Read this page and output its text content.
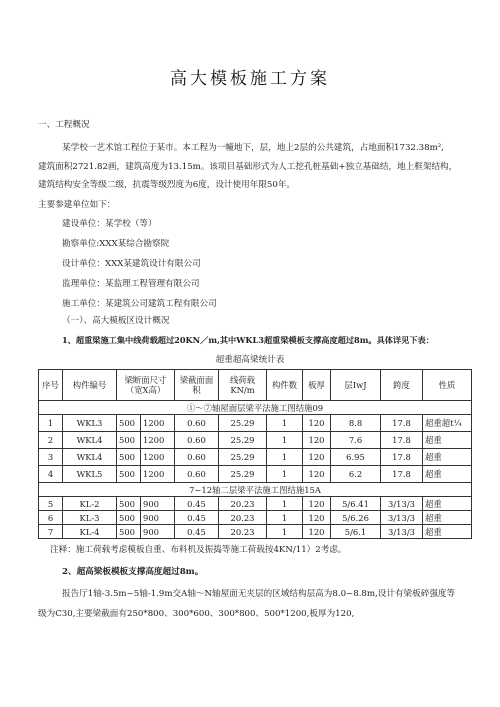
高大模板施工方案
一、工程概况
某学校一艺术馆工程位于某市。本工程为一幢地下，层，地上2层的公共建筑，占地面积1732.38m²,
建筑面积2721.82画，建筑高度为13.15m。该项目基础形式为人工挖孔桩基础+独立基础结，地上框架结构，
建筑结构安全等级二级，抗震等级烈度为6度，设计使用年限50年。
主要参建单位如下：
建设单位：某学校（等）
勘察单位:XXX某综合勘察院
设计单位：XXX某建筑设计有限公司
监理单位：某监理工程管理有限公司
施工单位：某建筑公司建筑工程有限公司
（一）、高大模板区设计概况
1、超重梁施工集中线荷载超过20KN／m,其中WKL3超重梁模板支撑高度超过8m。具体详见下表：
超重超高梁统计表
序号	构件编号	梁断面尺寸（宽X高）		梁截面面积	线荷载KN/m	构件数	板厚	层IwJ	跨度	性质
①～⑦轴屋面层梁平法施工图结施09										
1	WKL3	500	1200	0.60	25.29	1	120	8.8	17.8	超重超t¼
2	WKL4	500	1200	0.60	25.29	1	120	7.6	17.8	超重
3	WKL4	500	1200	0.60	25.29	1	120	6.95	17.8	超重
4	WKL5	500	1200	0.60	25.29	1	120	6.2	17.8	超重
7~12轴二层梁平法施工图结施15A										
5	KL-2	500	900	0.45	20.23	1	120	5/6.41	3/13/3	超重
6	KL-3	500	900	0.45	20.23	1	120	5/6.26	3/13/3	超重
7	KL-4	500	900	0.45	20.23	1	120	5/6.1	3/13/3	超重
注释：施工荷载考虑模板自重、布料机及振捣等施工荷载按4KN/11）2考虑。
2、超高梁板模板支撑高度超过8m。
报告厅1轴-3.5m~5轴-1.9m交A轴～N轴屋面无夹层的区域结构层高为8.0~8.8m,设计有梁板碎强度等
级为C30,主要梁截面有250*800、300*600、300*800、500*1200,板厚为120,
